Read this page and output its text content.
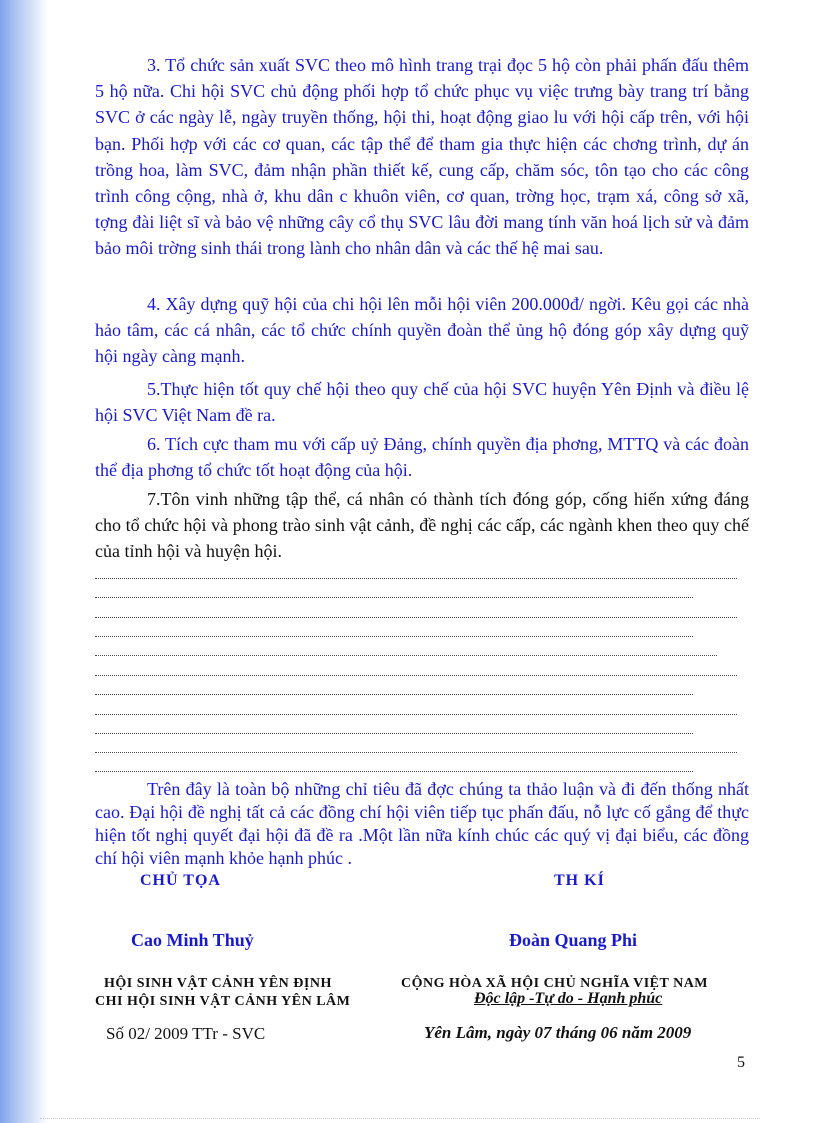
3. Tổ chức sản xuất SVC theo mô hình trang trại đọc 5 hộ còn phải phấn đấu thêm 5 hộ nữa. Chi hội SVC chủ động phối hợp tổ chức phục vụ việc trưng bày trang trí bằng SVC ở các ngày lễ, ngày truyền thống, hội thi, hoạt động giao lu với hội cấp trên, với hội bạn. Phối hợp với các cơ quan, các tập thể để tham gia thực hiện các chơng trình, dự án trồng hoa, làm SVC, đảm nhận phần thiết kế, cung cấp, chăm sóc, tôn tạo cho các công trình công cộng, nhà ở, khu dân c khuôn viên, cơ quan, trờng học, trạm xá, công sở xã, tợng đài liệt sĩ và bảo vệ những cây cổ thụ SVC lâu đời mang tính văn hoá lịch sử và đảm bảo môi trờng sinh thái trong lành cho nhân dân và các thế hệ mai sau.

4. Xây dựng quỹ hội của chi hội lên mỗi hội viên 200.000đ/ ngời. Kêu gọi các nhà hảo tâm, các cá nhân, các tổ chức chính quyền đoàn thể ủng hộ đóng góp xây dựng quỹ hội ngày càng mạnh.

5.Thực hiện tốt quy chế hội theo quy chế của hội SVC huyện Yên Định và điều lệ hội SVC Việt Nam đề ra.

6. Tích cực tham mu với cấp uỷ Đảng, chính quyền địa phơng, MTTQ và các đoàn thể địa phơng tổ chức tốt hoạt động của hội.

7.Tôn vinh những tập thể, cá nhân có thành tích đóng góp, cống hiến xứng đáng cho tổ chức hội và phong trào sinh vật cảnh, đề nghị các cấp, các ngành khen theo quy chế của tỉnh hội và huyện hội.

Trên đây là toàn bộ những chỉ tiêu đã đợc chúng ta thảo luận và đi đến thống nhất cao. Đại hội đề nghị tất cả các đồng chí hội viên tiếp tục phấn đấu, nỗ lực cố gắng để thực hiện tốt nghị quyết đại hội đã đề ra .Một lần nữa kính chúc các quý vị đại biểu, các đồng chí hội viên mạnh khỏe hạnh phúc .

CHỦ TỌA	TH KÍ
Cao Minh Thuỷ	Đoàn Quang Phi
HỘI SINH VẬT CẢNH YÊN ĐỊNH
CHI HỘI SINH VẬT CẢNH YÊN LÂM
CỘNG HÒA XÃ HỘI CHỦ NGHĨA VIỆT NAM
Độc lập -Tự do - Hạnh phúc
Số 02/ 2009 TTr - SVC	Yên Lâm, ngày 07 tháng 06 năm 2009
5
